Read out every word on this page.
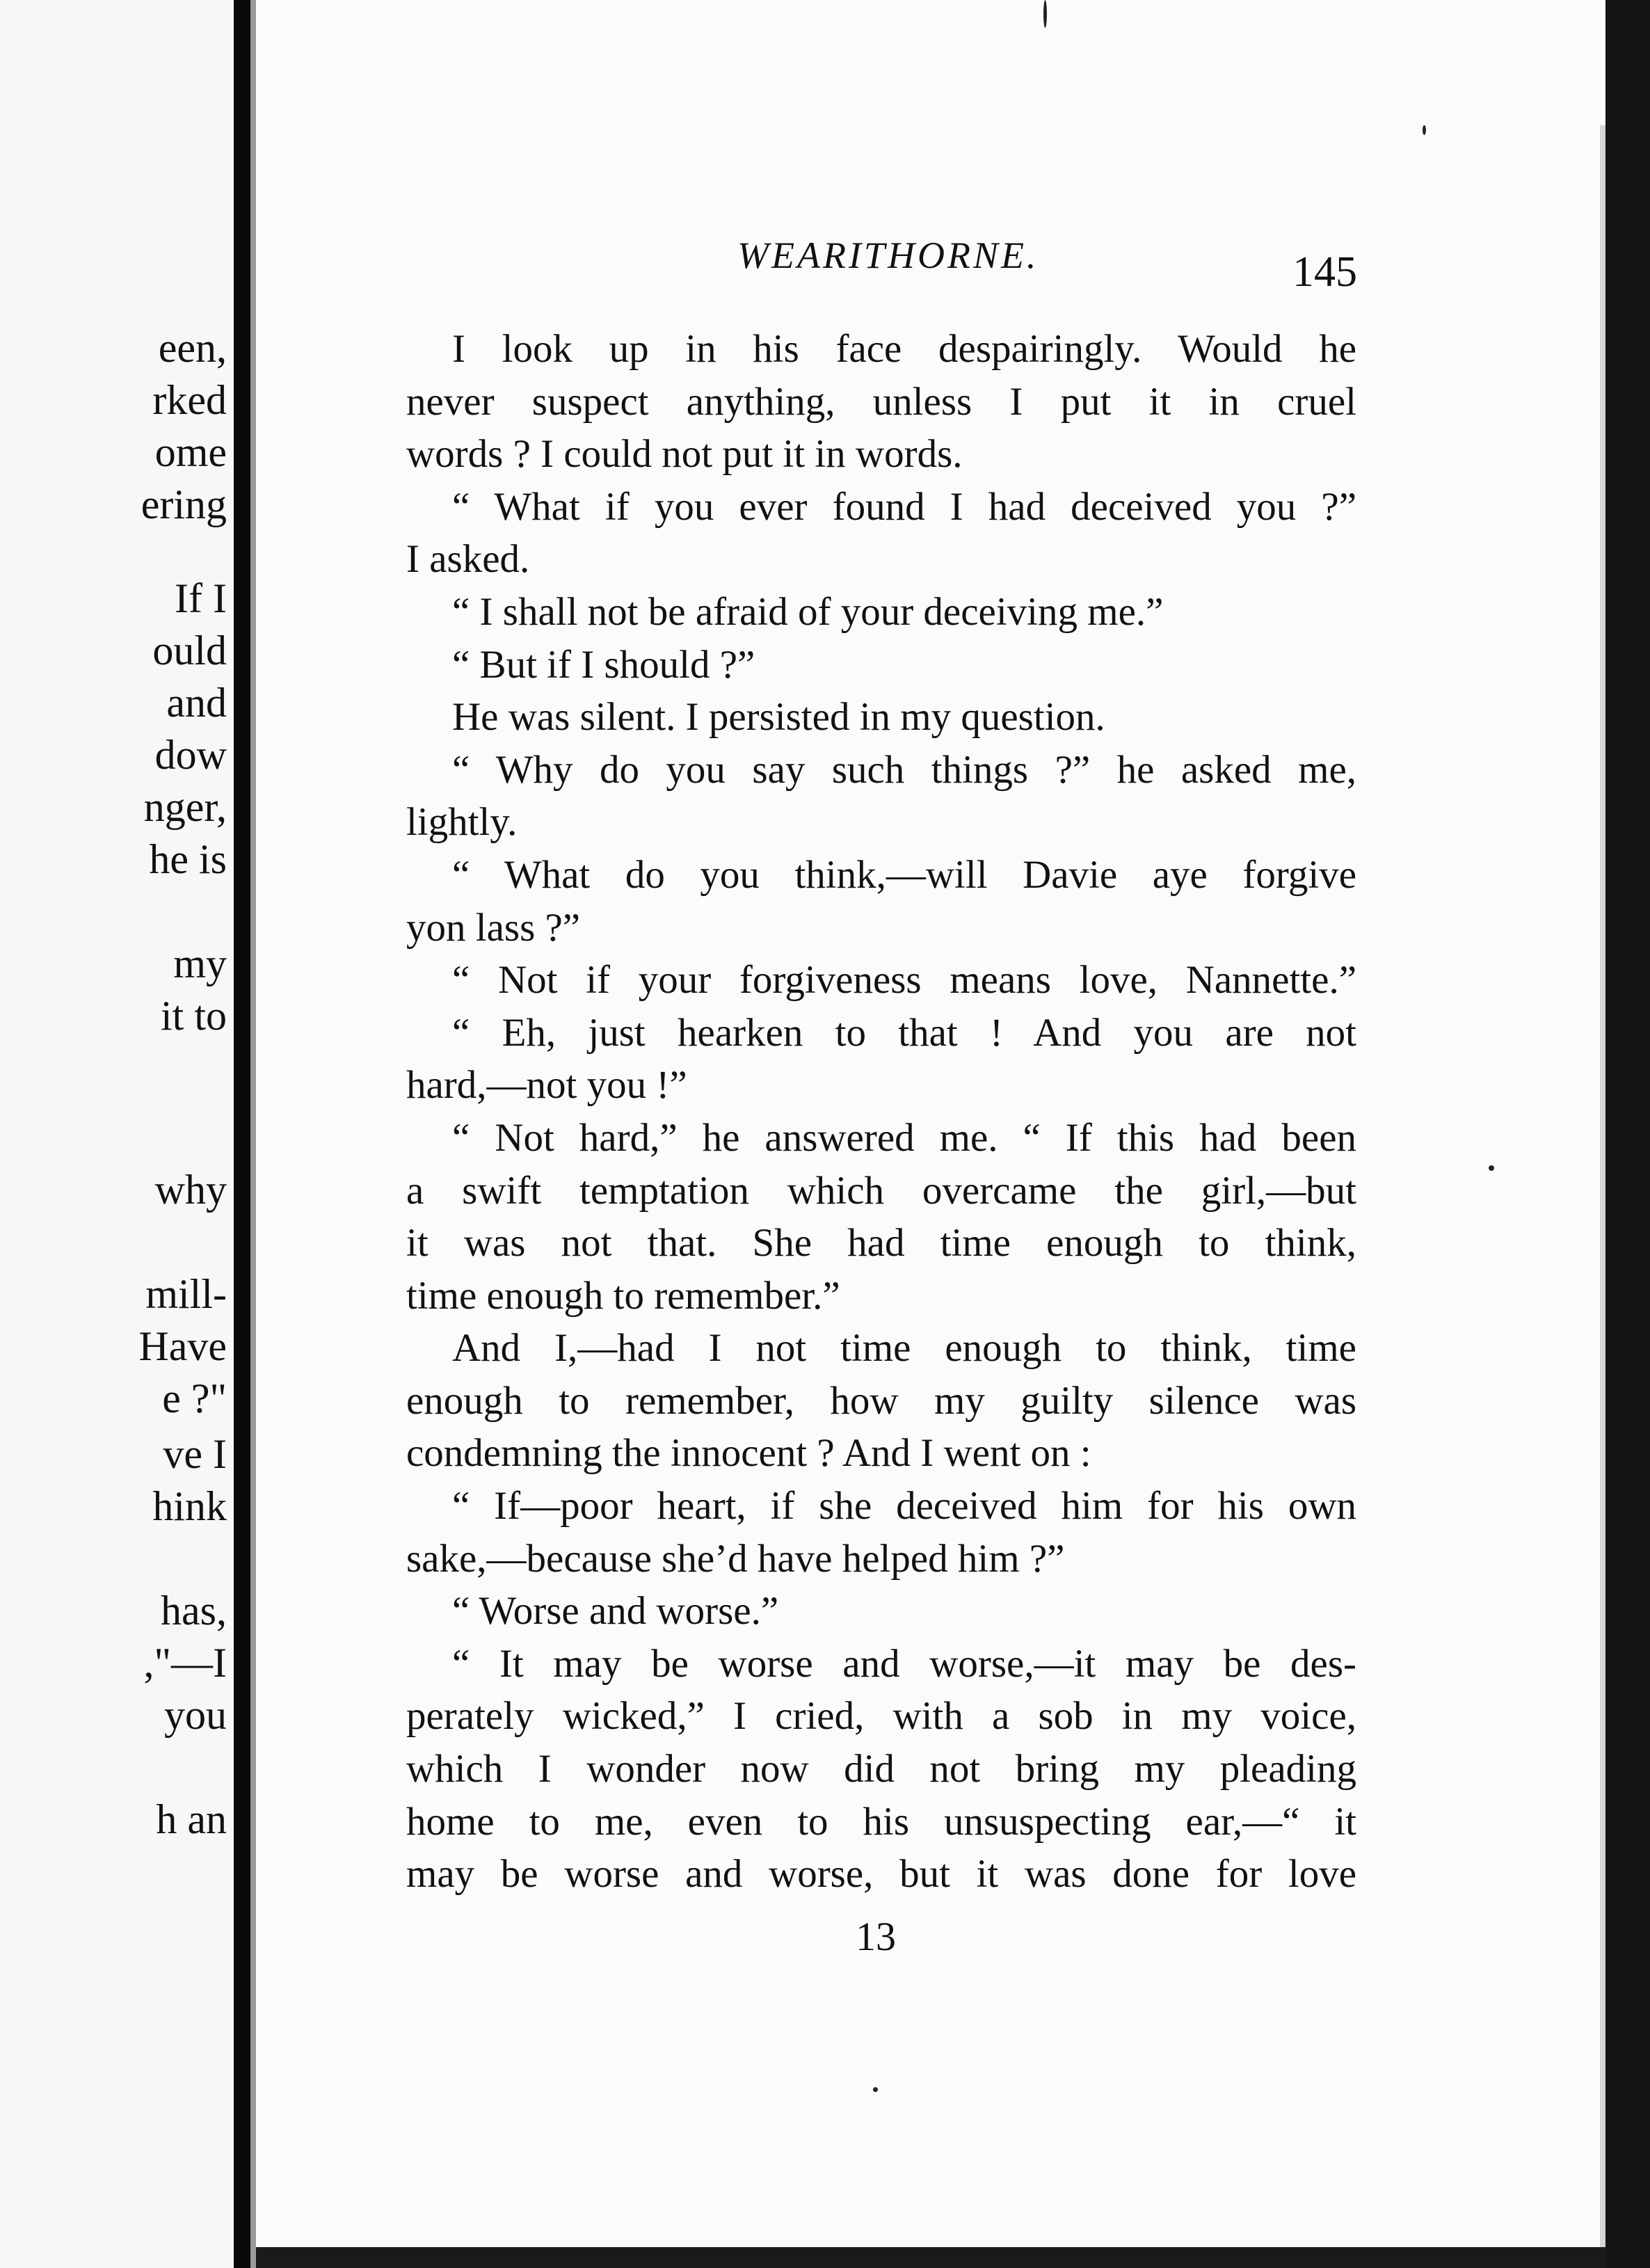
een,
rked
ome
ering
If I
ould
and
dow
nger,
he is
my
it to
why
mill-
Have
e ?"
ve I
hink
has,
,"—I
you
h an
WEARITHORNE.	145
I look up in his face despairingly. Would he
never suspect anything, unless I put it in cruel
words ? I could not put it in words.
“ What if you ever found I had deceived you ?”
I asked.
“ I shall not be afraid of your deceiving me.”
“ But if I should ?”
He was silent. I persisted in my question.
“ Why do you say such things ?” he asked me,
lightly.
“ What do you think,—will Davie aye forgive
yon lass ?”
“ Not if your forgiveness means love, Nannette.”
“ Eh, just hearken to that ! And you are not
hard,—not you !”
“ Not hard,” he answered me. “ If this had been
a swift temptation which overcame the girl,—but
it was not that. She had time enough to think,
time enough to remember.”
And I,—had I not time enough to think, time
enough to remember, how my guilty silence was
condemning the innocent ? And I went on :
“ If—poor heart, if she deceived him for his own
sake,—because she’d have helped him ?”
“ Worse and worse.”
“ It may be worse and worse,—it may be des-
perately wicked,” I cried, with a sob in my voice,
which I wonder now did not bring my pleading
home to me, even to his unsuspecting ear,—“ it
may be worse and worse, but it was done for love
13
